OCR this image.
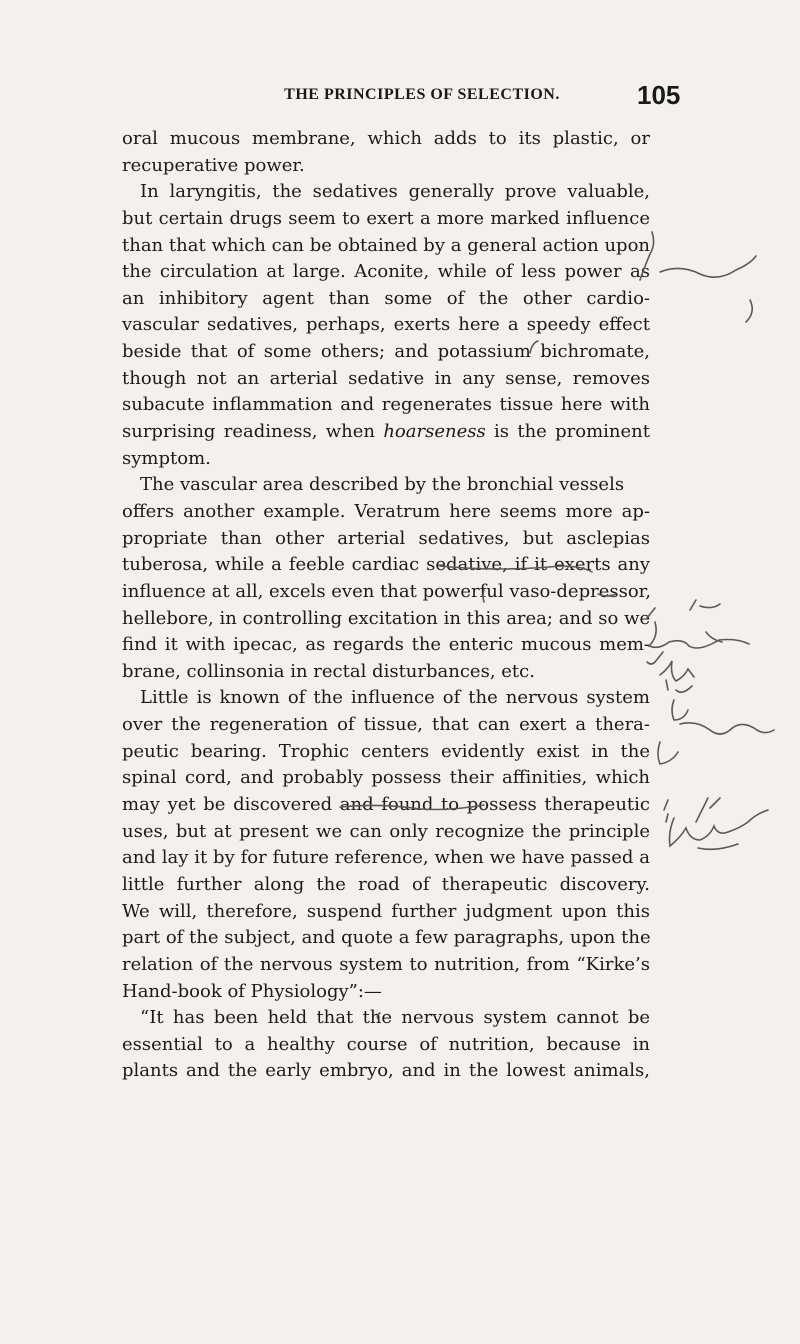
THE PRINCIPLES OF SELECTION.	105
oral mucous membrane, which adds to its plastic, or
recuperative power.
In laryngitis, the sedatives generally prove valuable,
but certain drugs seem to exert a more marked influence
than that which can be obtained by a general action upon
the circulation at large. Aconite, while of less power as
an inhibitory agent than some of the other cardio-
vascular sedatives, perhaps, exerts here a speedy effect
beside that of some others; and potassium bichromate,
though not an arterial sedative in any sense, removes
subacute inflammation and regenerates tissue here with
surprising readiness, when hoarseness is the prominent
symptom.
The vascular area described by the bronchial vessels
offers another example. Veratrum here seems more ap-
propriate than other arterial sedatives, but asclepias
tuberosa, while a feeble cardiac sedative, if it exerts any
influence at all, excels even that powerful vaso-depressor,
hellebore, in controlling excitation in this area; and so we
find it with ipecac, as regards the enteric mucous mem-
brane, collinsonia in rectal disturbances, etc.
Little is known of the influence of the nervous system
over the regeneration of tissue, that can exert a thera-
peutic bearing. Trophic centers evidently exist in the
spinal cord, and probably possess their affinities, which
may yet be discovered and found to possess therapeutic
uses, but at present we can only recognize the principle
and lay it by for future reference, when we have passed a
little further along the road of therapeutic discovery.
We will, therefore, suspend further judgment upon this
part of the subject, and quote a few paragraphs, upon the
relation of the nervous system to nutrition, from “Kirke’s
Hand-book of Physiology”:—
“It has been held that the nervous system cannot be
essential to a healthy course of nutrition, because in
plants and the early embryo, and in the lowest animals,
